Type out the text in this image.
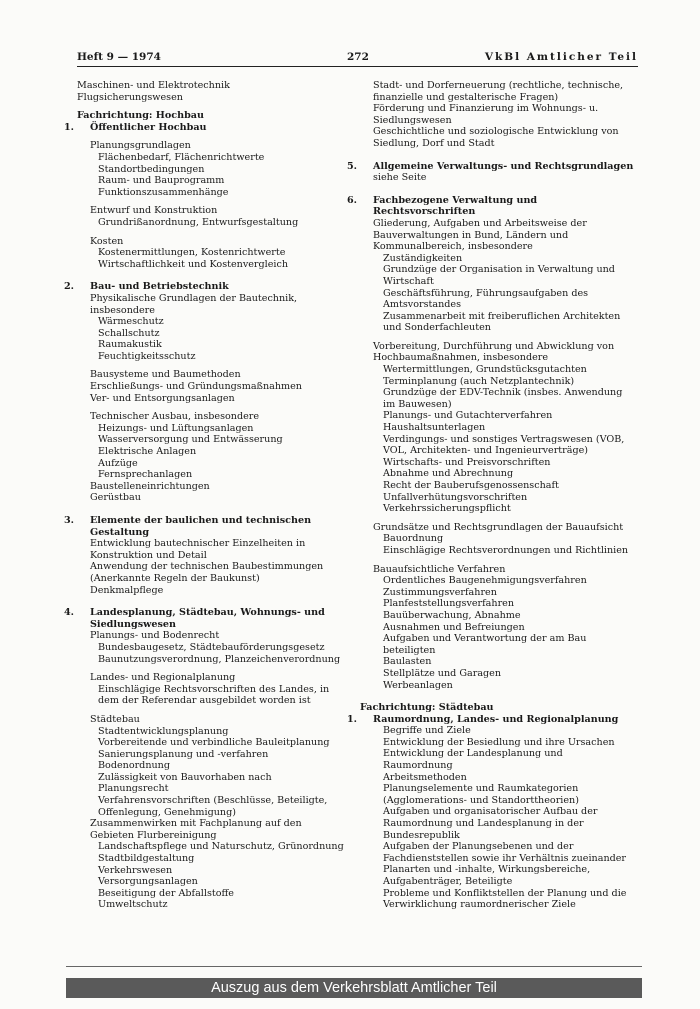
Heft 9 — 1974	272	VkBl Amtlicher Teil
Maschinen- und Elektrotechnik
Flugsicherungswesen
Fachrichtung: Hochbau
1. Öffentlicher Hochbau
Planungsgrundlagen
Flächenbedarf, Flächenrichtwerte
Standortbedingungen
Raum- und Bauprogramm
Funktionszusammenhänge
Entwurf und Konstruktion
Grundrißanordnung, Entwurfsgestaltung
Kosten
Kostenermittlungen, Kostenrichtwerte
Wirtschaftlichkeit und Kostenvergleich
2. Bau- und Betriebstechnik
Physikalische Grundlagen der Bautechnik, insbesondere
Wärmeschutz
Schallschutz
Raumakustik
Feuchtigkeitsschutz
Bausysteme und Baumethoden
Erschließungs- und Gründungsmaßnahmen
Ver- und Entsorgungsanlagen
Technischer Ausbau, insbesondere
Heizungs- und Lüftungsanlagen
Wasserversorgung und Entwässerung
Elektrische Anlagen
Aufzüge
Fernsprechanlagen
Baustelleneinrichtungen
Gerüstbau
3. Elemente der baulichen und technischen Gestaltung
Entwicklung bautechnischer Einzelheiten in Konstruktion und Detail
Anwendung der technischen Baubestimmungen (Anerkannte Regeln der Baukunst)
Denkmalpflege
4. Landesplanung, Städtebau, Wohnungs- und Siedlungswesen
Planungs- und Bodenrecht
Bundesbaugesetz, Städtebauförderungsgesetz
Baunutzungsverordnung, Planzeichenverordnung
Landes- und Regionalplanung
Einschlägige Rechtsvorschriften des Landes, in dem der Referendar ausgebildet worden ist
Städtebau
Stadtentwicklungsplanung
Vorbereitende und verbindliche Bauleitplanung
Sanierungsplanung und -verfahren
Bodenordnung
Zulässigkeit von Bauvorhaben nach Planungsrecht
Verfahrensvorschriften (Beschlüsse, Beteiligte, Offenlegung, Genehmigung)
Zusammenwirken mit Fachplanung auf den Gebieten Flurbereinigung
Landschaftspflege und Naturschutz, Grünordnung
Stadtbildgestaltung
Verkehrswesen
Versorgungsanlagen
Beseitigung der Abfallstoffe
Umweltschutz
Stadt- und Dorferneuerung (rechtliche, technische, finanzielle und gestalterische Fragen)
Förderung und Finanzierung im Wohnungs- u. Siedlungswesen
Geschichtliche und soziologische Entwicklung von Siedlung, Dorf und Stadt
5. Allgemeine Verwaltungs- und Rechtsgrundlagen
siehe Seite
6. Fachbezogene Verwaltung und Rechtsvorschriften
Gliederung, Aufgaben und Arbeitsweise der Bauverwaltungen in Bund, Ländern und Kommunalbereich, insbesondere
Zuständigkeiten
Grundzüge der Organisation in Verwaltung und Wirtschaft
Geschäftsführung, Führungsaufgaben des Amtsvorstandes
Zusammenarbeit mit freiberuflichen Architekten und Sonderfachleuten
Vorbereitung, Durchführung und Abwicklung von Hochbaumaßnahmen, insbesondere
Wertermittlungen, Grundstücksgutachten
Terminplanung (auch Netzplantechnik)
Grundzüge der EDV-Technik (insbes. Anwendung im Bauwesen)
Planungs- und Gutachterverfahren
Haushaltsunterlagen
Verdingungs- und sonstiges Vertragswesen (VOB, VOL, Architekten- und Ingenieurverträge)
Wirtschafts- und Preisvorschriften
Abnahme und Abrechnung
Recht der Bauberufsgenossenschaft
Unfallverhütungsvorschriften
Verkehrssicherungspflicht
Grundsätze und Rechtsgrundlagen der Bauaufsicht
Bauordnung
Einschlägige Rechtsverordnungen und Richtlinien
Bauaufsichtliche Verfahren
Ordentliches Baugenehmigungsverfahren
Zustimmungsverfahren
Planfeststellungsverfahren
Bauüberwachung, Abnahme
Ausnahmen und Befreiungen
Aufgaben und Verantwortung der am Bau beteiligten
Baulasten
Stellplätze und Garagen
Werbeanlagen
Fachrichtung: Städtebau
1. Raumordnung, Landes- und Regionalplanung
Begriffe und Ziele
Entwicklung der Besiedlung und ihre Ursachen
Entwicklung der Landesplanung und Raumordnung
Arbeitsmethoden
Planungselemente und Raumkategorien (Agglomerations- und Standorttheorien)
Aufgaben und organisatorischer Aufbau der Raumordnung und Landesplanung in der Bundesrepublik
Aufgaben der Planungsebenen und der Fachdienststellen sowie ihr Verhältnis zueinander
Planarten und -inhalte, Wirkungsbereiche, Aufgabenträger, Beteiligte
Probleme und Konfliktstellen der Planung und die Verwirklichung raumordnerischer Ziele
Auszug aus dem Verkehrsblatt Amtlicher Teil
